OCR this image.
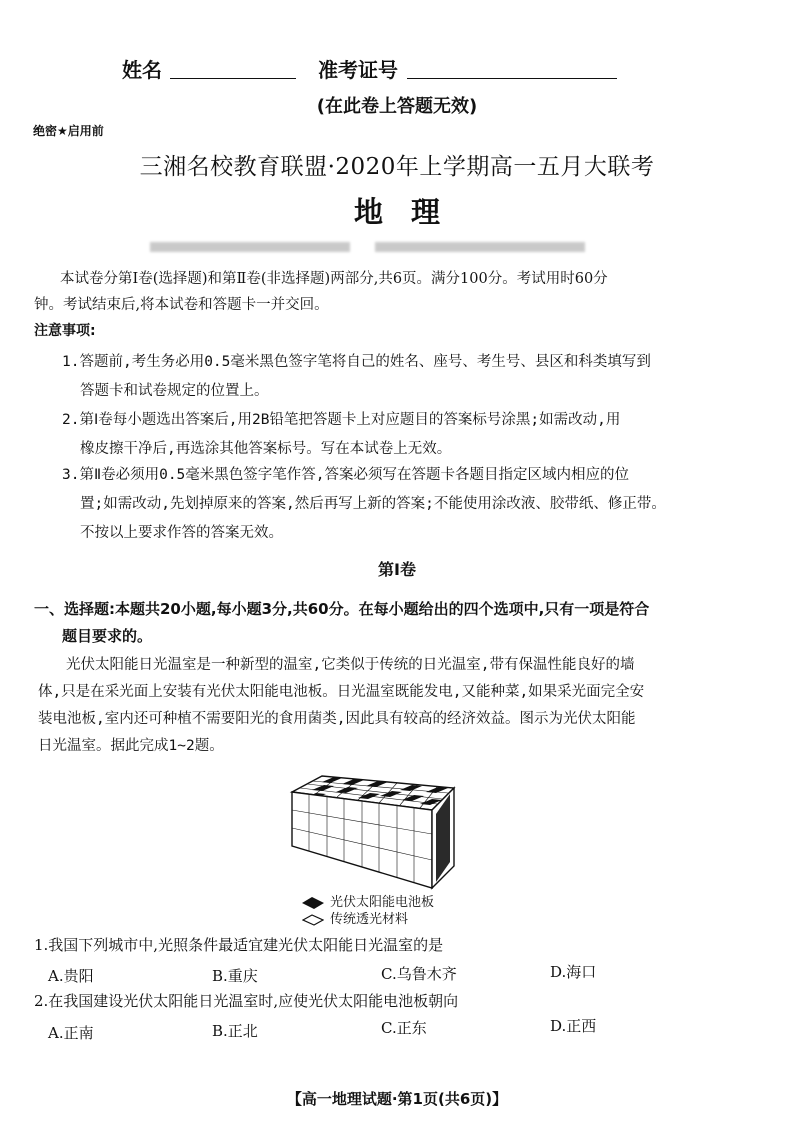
姓名	准考证号
(在此卷上答题无效)
绝密★启用前
三湘名校教育联盟·2020年上学期高一五月大联考
地理
本试卷分第Ⅰ卷(选择题)和第Ⅱ卷(非选择题)两部分,共6页。满分100分。考试用时60分
钟。考试结束后,将本试卷和答题卡一并交回。
注意事项:
1.答题前,考生务必用0.5毫米黑色签字笔将自己的姓名、座号、考生号、县区和科类填写到
答题卡和试卷规定的位置上。
2.第Ⅰ卷每小题选出答案后,用2B铅笔把答题卡上对应题目的答案标号涂黑;如需改动,用
橡皮擦干净后,再选涂其他答案标号。写在本试卷上无效。
3.第Ⅱ卷必须用0.5毫米黑色签字笔作答,答案必须写在答题卡各题目指定区域内相应的位
置;如需改动,先划掉原来的答案,然后再写上新的答案;不能使用涂改液、胶带纸、修正带。
不按以上要求作答的答案无效。
第Ⅰ卷
一、选择题:本题共20小题,每小题3分,共60分。在每小题给出的四个选项中,只有一项是符合
题目要求的。
光伏太阳能日光温室是一种新型的温室,它类似于传统的日光温室,带有保温性能良好的墙
体,只是在采光面上安装有光伏太阳能电池板。日光温室既能发电,又能种菜,如果采光面完全安
装电池板,室内还可种植不需要阳光的食用菌类,因此具有较高的经济效益。图示为光伏太阳能
日光温室。据此完成1~2题。
光伏太阳能电池板
传统透光材料
1.我国下列城市中,光照条件最适宜建光伏太阳能日光温室的是
A.贵阳	B.重庆	C.乌鲁木齐	D.海口
2.在我国建设光伏太阳能日光温室时,应使光伏太阳能电池板朝向
A.正南	B.正北	C.正东	D.正西
【高一地理试题·第1页(共6页)】
